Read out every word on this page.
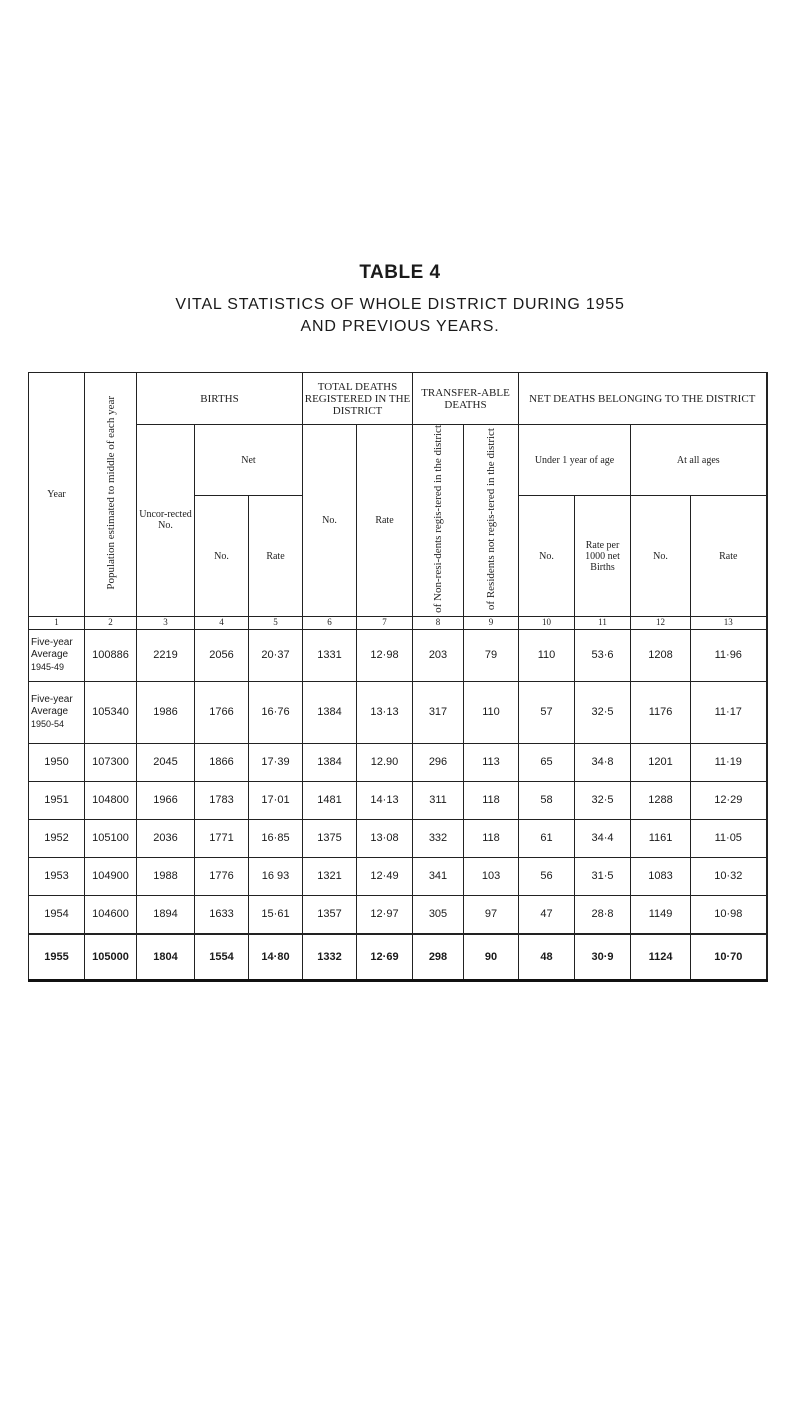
TABLE 4
VITAL STATISTICS OF WHOLE DISTRICT DURING 1955
AND PREVIOUS YEARS.
Year	Population estimated to middle of each year	BIRTHS			TOTAL DEATHS REGISTERED IN THE DISTRICT		TRANSFER-ABLE DEATHS		NET DEATHS BELONGING TO THE DISTRICT			
		Uncor-rected No.	Net		No.	Rate	of Non-resi-dents regis-tered in the district	of Residents not regis-tered in the district	Under 1 year of age		At all ages	
			No.	Rate					No.	Rate per 1000 net Births	No.	Rate
1	2	3	4	5	6	7	8	9	10	11	12	13
Five-year
Average
1945-49	100886	2219	2056	20·37	1331	12·98	203	79	110	53·6	1208	11·96
Five-year
Average
1950-54	105340	1986	1766	16·76	1384	13·13	317	110	57	32·5	1176	11·17
1950	107300	2045	1866	17·39	1384	12.90	296	113	65	34·8	1201	11·19
1951	104800	1966	1783	17·01	1481	14·13	311	118	58	32·5	1288	12·29
1952	105100	2036	1771	16·85	1375	13·08	332	118	61	34·4	1161	11·05
1953	104900	1988	1776	16 93	1321	12·49	341	103	56	31·5	1083	10·32
1954	104600	1894	1633	15·61	1357	12·97	305	97	47	28·8	1149	10·98
1955	105000	1804	1554	14·80	1332	12·69	298	90	48	30·9	1124	10·70
